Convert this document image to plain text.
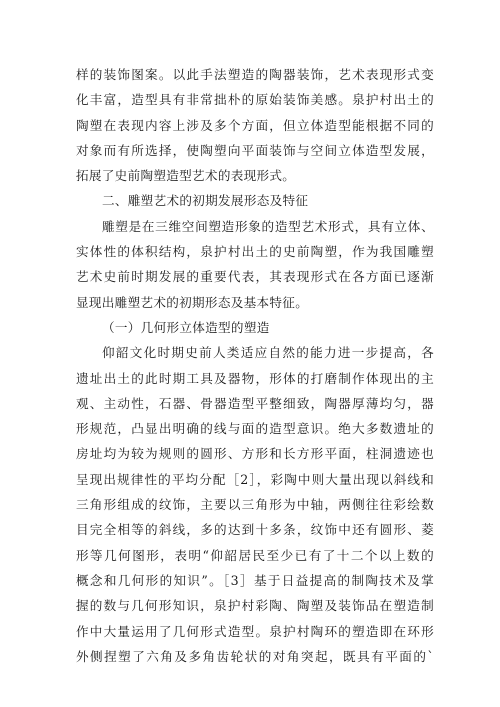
样的装饰图案。以此手法塑造的陶器装饰，艺术表现形式变
化丰富，造型具有非常拙朴的原始装饰美感。泉护村出土的
陶塑在表现内容上涉及多个方面，但立体造型能根据不同的
对象而有所选择，使陶塑向平面装饰与空间立体造型发展，
拓展了史前陶塑造型艺术的表现形式。
二、雕塑艺术的初期发展形态及特征
雕塑是在三维空间塑造形象的造型艺术形式，具有立体、
实体性的体积结构，泉护村出土的史前陶塑，作为我国雕塑
艺术史前时期发展的重要代表，其表现形式在各方面已逐渐
显现出雕塑艺术的初期形态及基本特征。
（一）几何形立体造型的塑造
仰韶文化时期史前人类适应自然的能力进一步提高，各
遗址出土的此时期工具及器物，形体的打磨制作体现出的主
观、主动性，石器、骨器造型平整细致，陶器厚薄均匀，器
形规范，凸显出明确的线与面的造型意识。绝大多数遗址的
房址均为较为规则的圆形、方形和长方形平面，柱洞遗迹也
呈现出规律性的平均分配［2］，彩陶中则大量出现以斜线和
三角形组成的纹饰，主要以三角形为中轴，两侧往往彩绘数
目完全相等的斜线，多的达到十多条，纹饰中还有圆形、菱
形等几何图形，表明“仰韶居民至少已有了十二个以上数的
概念和几何形的知识”。［3］基于日益提高的制陶技术及掌
握的数与几何形知识，泉护村彩陶、陶塑及装饰品在塑造制
作中大量运用了几何形式造型。泉护村陶环的塑造即在环形
外侧捏塑了六角及多角齿轮状的对角突起，既具有平面的`
